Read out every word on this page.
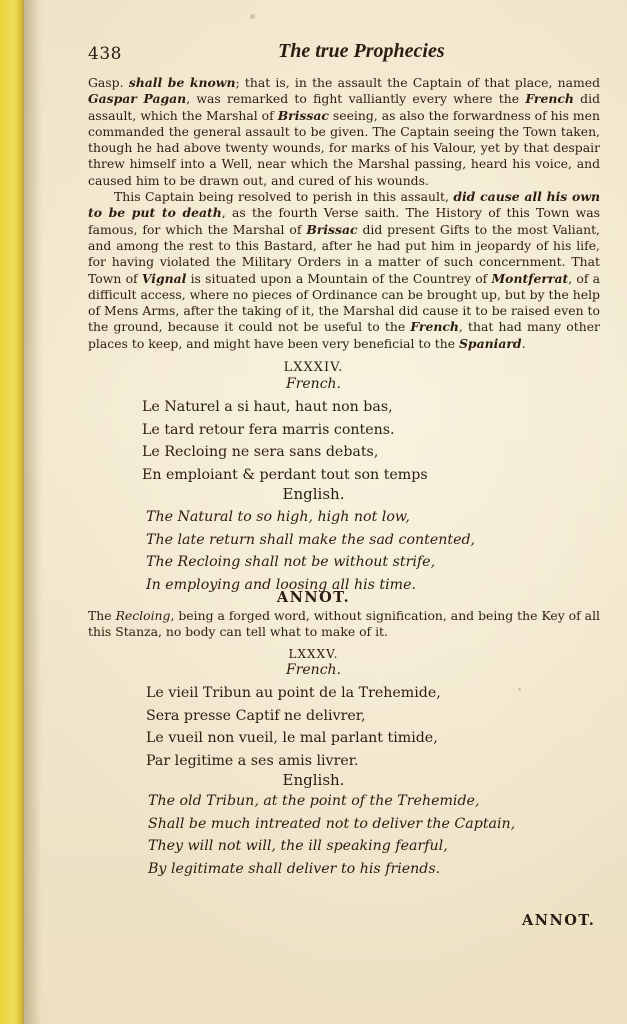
438	The true Prophecies

Gasp. shall be known; that is, in the assault the Captain of that place, named Gaspar Pagan, was remarked to fight valliantly every where the French did assault, which the Marshal of Brissac seeing, as also the forwardness of his men commanded the general assault to be given. The Captain seeing the Town taken, though he had above twenty wounds, for marks of his Valour, yet by that despair threw himself into a Well, near which the Marshal passing, heard his voice, and caused him to be drawn out, and cured of his wounds.

This Captain being resolved to perish in this assault, did cause all his own to be put to death, as the fourth Verse saith. The History of this Town was famous, for which the Marshal of Brissac did present Gifts to the most Valiant, and among the rest to this Bastard, after he had put him in jeopardy of his life, for having violated the Military Orders in a matter of such concernment. That Town of Vignal is situated upon a Mountain of the Countrey of Montferrat, of a difficult access, where no pieces of Ordinance can be brought up, but by the help of Mens Arms, after the taking of it, the Marshal did cause it to be raised even to the ground, because it could not be useful to the French, that had many other places to keep, and might have been very beneficial to the Spaniard.

LXXXIV.
French.
Le Naturel a si haut, haut non bas,
Le tard retour fera marris contens.
Le Recloing ne sera sans debats,
En emploiant & perdant tout son temps
English.
The Natural to so high, high not low,
The late return shall make the sad contented,
The Recloing shall not be without strife,
In employing and loosing all his time.
ANNOT.
The Recloing, being a forged word, without signification, and being the Key of all this Stanza, no body can tell what to make of it.
LXXXV.
French.
Le vieil Tribun au point de la Trehemide,
Sera presse Captif ne delivrer,
Le vueil non vueil, le mal parlant timide,
Par legitime a ses amis livrer.
English.
The old Tribun, at the point of the Trehemide,
Shall be much intreated not to deliver the Captain,
They will not will, the ill speaking fearful,
By legitimate shall deliver to his friends.
ANNOT.
